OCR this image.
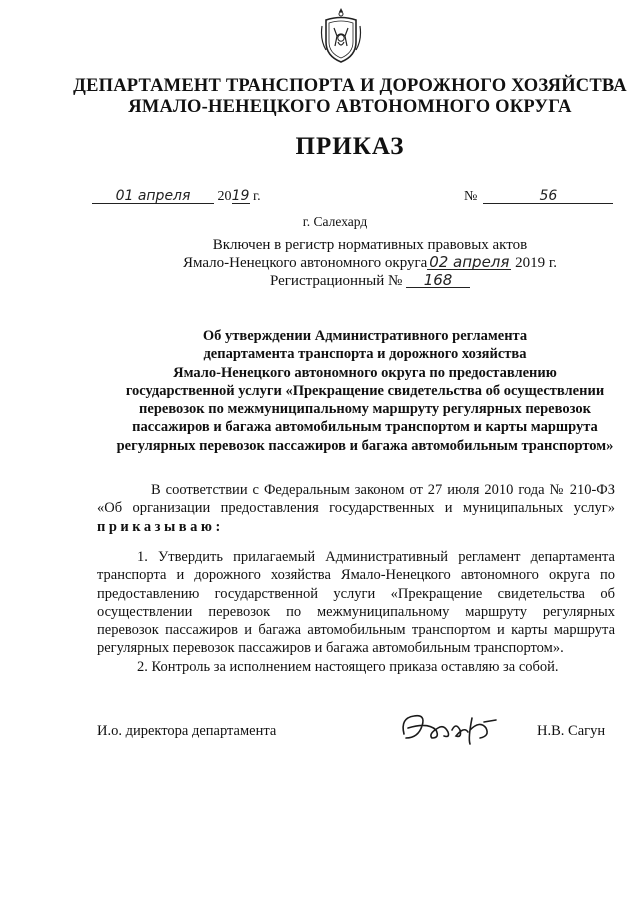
ДЕПАРТАМЕНТ ТРАНСПОРТА И ДОРОЖНОГО ХОЗЯЙСТВА
ЯМАЛО-НЕНЕЦКОГО АВТОНОМНОГО ОКРУГА
ПРИКАЗ
01 апреля 2019 г.	№	56
г. Салехард
Включен в регистр нормативных правовых актов
Ямало-Ненецкого автономного округа 02 апреля 2019 г.
Регистрационный № 168
Об утверждении Административного регламента
департамента транспорта и дорожного хозяйства
Ямало-Ненецкого автономного округа по предоставлению
государственной услуги «Прекращение свидетельства об осуществлении
перевозок по межмуниципальному маршруту регулярных перевозок
пассажиров и багажа автомобильным транспортом и карты маршрута
регулярных перевозок пассажиров и багажа автомобильным транспортом»
В соответствии с Федеральным законом от 27 июля 2010 года № 210-ФЗ «Об организации предоставления государственных и муниципальных услуг» приказываю:
1. Утвердить прилагаемый Административный регламент департамента транспорта и дорожного хозяйства Ямало-Ненецкого автономного округа по предоставлению государственной услуги «Прекращение свидетельства об осуществлении перевозок по межмуниципальному маршруту регулярных перевозок пассажиров и багажа автомобильным транспортом и карты маршрута регулярных перевозок пассажиров и багажа автомобильным транспортом».
2. Контроль за исполнением настоящего приказа оставляю за собой.
И.о. директора департамента	Н.В. Сагун
